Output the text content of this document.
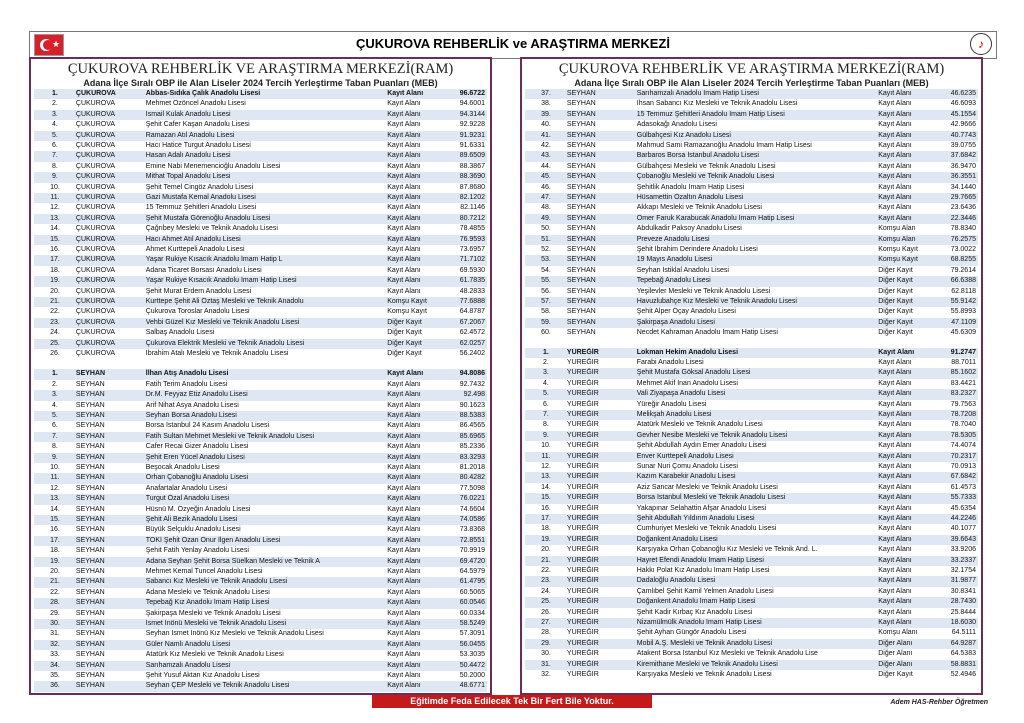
★	ÇUKUROVA REHBERLİK ve ARAŞTIRMA MERKEZİ	♪
ÇUKUROVA REHBERLİK VE ARAŞTIRMA MERKEZİ(RAM)
Adana İlçe Sıralı OBP ile Alan Liseler 2024 Tercih Yerleştirme Taban Puanları (MEB)
1.	ÇUKUROVA	Abbas-Sıdıka Çalık Anadolu Lisesi	Kayıt Alanı	96.6722
2.	ÇUKUROVA	Mehmet Özöncel Anadolu Lisesi	Kayıt Alanı	94.6001
3.	ÇUKUROVA	İsmail Kulak Anadolu Lisesi	Kayıt Alanı	94.3144
4.	ÇUKUROVA	Şehit Cafer Kaşan Anadolu Lisesi	Kayıt Alanı	92.9228
5.	ÇUKUROVA	Ramazan Atıl Anadolu Lisesi	Kayıt Alanı	91.9231
6.	ÇUKUROVA	Hacı Hatice Turgut Anadolu Lisesi	Kayıt Alanı	91.6331
7.	ÇUKUROVA	Hasan Adalı Anadolu Lisesi	Kayıt Alanı	89.6509
8.	ÇUKUROVA	Emine Nabi Menemencioğlu Anadolu Lisesi	Kayıt Alanı	88.3867
9.	ÇUKUROVA	Mithat Topal Anadolu Lisesi	Kayıt Alanı	88.3690
10.	ÇUKUROVA	Şehit Temel Cingöz Anadolu Lisesi	Kayıt Alanı	87.8680
11.	ÇUKUROVA	Gazi Mustafa Kemal Anadolu Lisesi	Kayıt Alanı	82.1202
12.	ÇUKUROVA	15 Temmuz Şehitleri Anadolu Lisesi	Kayıt Alanı	82.1146
13.	ÇUKUROVA	Şehit Mustafa Görenoğlu Anadolu Lisesi	Kayıt Alanı	80.7212
14.	ÇUKUROVA	Çağrıbey Mesleki ve Teknik Anadolu Lisesi	Kayıt Alanı	78.4855
15.	ÇUKUROVA	Hacı Ahmet Atıl Anadolu Lisesi	Kayıt Alanı	76.9593
16.	ÇUKUROVA	Ahmet Kurttepeli Anadolu Lisesi	Kayıt Alanı	73.6957
17.	ÇUKUROVA	Yaşar Rukiye Kısacık Anadolu İmam Hatip L	Kayıt Alanı	71.7102
18.	ÇUKUROVA	Adana Ticaret Borsası Anadolu Lisesi	Kayıt Alanı	69.5930
19.	ÇUKUROVA	Yaşar Rukiye Kısacık Anadolu İmam Hatip Lisesi	Kayıt Alanı	61.7835
20.	ÇUKUROVA	Şehit Murat Erdem Anadolu Lisesi	Kayıt Alanı	48.2833
21.	ÇUKUROVA	Kurttepe Şehit Ali Öztaş Mesleki ve Teknik Anadolu	Komşu Kayıt	77.6888
22.	ÇUKUROVA	Çukurova Toroslar Anadolu Lisesi	Komşu Kayıt	64.8787
23.	ÇUKUROVA	Vehbi Güzel Kız Mesleki ve Teknik Anadolu Lisesi	Diğer Kayıt	67.2067
24.	ÇUKUROVA	Salbaş Anadolu Lisesi	Diğer Kayıt	62.4572
25.	ÇUKUROVA	Çukurova Elektrik Mesleki ve Teknik Anadolu Lisesi	Diğer Kayıt	62.0257
26.	ÇUKUROVA	İbrahim Atalı Mesleki ve Teknik Anadolu Lisesi	Diğer Kayıt	56.2402
1.	SEYHAN	İlhan Atış Anadolu Lisesi	Kayıt Alanı	94.8086
2.	SEYHAN	Fatih Terim Anadolu Lisesi	Kayıt Alanı	92.7432
3.	SEYHAN	Dr.M. Feyyaz Etiz Anadolu Lisesi	Kayıt Alanı	92.498
4.	SEYHAN	Arif Nihat Asya Anadolu Lisesi	Kayıt Alanı	90.1623
5.	SEYHAN	Seyhan Borsa Anadolu Lisesi	Kayıt Alanı	88.5383
6.	SEYHAN	Borsa İstanbul 24 Kasım Anadolu Lisesi	Kayıt Alanı	86.4565
7.	SEYHAN	Fatih Sultan Mehmet Mesleki ve Teknik Anadolu Lisesi	Kayıt Alanı	85.6965
8.	SEYHAN	Cafer Recai Gizer Anadolu Lisesi	Kayıt Alanı	85.2336
9.	SEYHAN	Şehit Eren Yücel Anadolu Lisesi	Kayıt Alanı	83.3293
10.	SEYHAN	Beşocak Anadolu Lisesi	Kayıt Alanı	81.2018
11.	SEYHAN	Orhan Çobanoğlu Anadolu Lisesi	Kayıt Alanı	80.4282
12.	SEYHAN	Anafartalar Anadolu Lisesi	Kayıt Alanı	77.5098
13.	SEYHAN	Turgut Özal Anadolu Lisesi	Kayıt Alanı	76.0221
14.	SEYHAN	Hüsnü M. Özyeğin Anadolu Lisesi	Kayıt Alanı	74.6604
15.	SEYHAN	Şehit Ali Bezik Anadolu Lisesi	Kayıt Alanı	74.0586
16.	SEYHAN	Büyük Selçuklu Anadolu Lisesi	Kayıt Alanı	73.8368
17.	SEYHAN	TOKİ Şehit Ozan Onur İlgen Anadolu Lisesi	Kayıt Alanı	72.8551
18.	SEYHAN	Şehit Fatih Yenlay Anadolu Lisesi	Kayıt Alanı	70.9919
19.	SEYHAN	Adana Seyhan Şehit Borsa Süelkan Mesleki ve Teknik A	Kayıt Alanı	69.4720
20.	SEYHAN	Mehmet Kemal Tuncel Anadolu Lisesi	Kayıt Alanı	64.5979
21.	SEYHAN	Sabancı Kız Mesleki ve Teknik Anadolu Lisesi	Kayıt Alanı	61.4795
22.	SEYHAN	Adana Mesleki ve Teknik Anadolu Lisesi	Kayıt Alanı	60.5065
28.	SEYHAN	Tepebağ Kız Anadolu İmam Hatip Lisesi	Kayıt Alanı	60.0546
29.	SEYHAN	Şakirpaşa Mesleki ve Teknik Anadolu Lisesi	Kayıt Alanı	60.0334
30.	SEYHAN	İsmet İnönü Mesleki ve Teknik Anadolu Lisesi	Kayıt Alanı	58.5249
31.	SEYHAN	Seyhan İsmet İnönü Kız Mesleki ve Teknik Anadolu Lisesi	Kayıt Alanı	57.3091
32.	SEYHAN	Güler Namlı Anadolu Lisesi	Kayıt Alanı	56.0455
33.	SEYHAN	Atatürk Kız Mesleki ve Teknik Anadolu Lisesi	Kayıt Alanı	53.3035
34.	SEYHAN	Sarıhamzalı Anadolu Lisesi	Kayıt Alanı	50.4472
35.	SEYHAN	Şehit Yusuf Aktan Kız Anadolu Lisesi	Kayıt Alanı	50.2000
36.	SEYHAN	Seyhan ÇEP Mesleki ve Teknik Anadolu Lisesi	Kayıt Alanı	48.6771
ÇUKUROVA REHBERLİK VE ARAŞTIRMA MERKEZİ(RAM)
Adana İlçe Sıralı OBP ile Alan Liseler 2024 Tercih Yerleştirme Taban Puanları (MEB)
37.	SEYHAN	Sarıhamzalı Anadolu İmam Hatip Lisesi	Kayıt Alanı	46.6235
38.	SEYHAN	İhsan Sabancı Kız Mesleki ve Teknik Anadolu Lisesi	Kayıt Alanı	46.6093
39.	SEYHAN	15 Temmuz Şehitleri Anadolu İmam Hatip Lisesi	Kayıt Alanı	45.1554
40.	SEYHAN	Adasokağı Anadolu Lisesi	Kayıt Alanı	42.9666
41.	SEYHAN	Gülbahçesi Kız Anadolu Lisesi	Kayıt Alanı	40.7743
42.	SEYHAN	Mahmud Sami Ramazanoğlu Anadolu İmam Hatip Lisesi	Kayıt Alanı	39.0755
43.	SEYHAN	Barbaros Borsa İstanbul Anadolu Lisesi	Kayıt Alanı	37.6842
44.	SEYHAN	Gülbahçesi Mesleki ve Teknik Anadolu Lisesi	Kayıt Alanı	36.9470
45.	SEYHAN	Çobanoğlu Mesleki ve Teknik Anadolu Lisesi	Kayıt Alanı	36.3551
46.	SEYHAN	Şehitlik Anadolu İmam Hatip Lisesi	Kayıt Alanı	34.1440
47.	SEYHAN	Hüsamettin Özaltın Anadolu Lisesi	Kayıt Alanı	29.7665
48.	SEYHAN	Akkapı Mesleki ve Teknik Anadolu Lisesi	Kayıt Alanı	23.6436
49.	SEYHAN	Ömer Faruk Karabucak Anadolu İmam Hatip Lisesi	Kayıt Alanı	22.3446
50.	SEYHAN	Abdulkadir Paksoy Anadolu Lisesi	Komşu Alan	78.8340
51.	SEYHAN	Preveze Anadolu Lisesi	Komşu Alan	76.2575
52.	SEYHAN	Şehit İbrahim Derindere Anadolu Lisesi	Komşu Kayıt	73.0022
53.	SEYHAN	19 Mayıs Anadolu Lisesi	Komşu Kayıt	68.8255
54.	SEYHAN	Seyhan İstiklal Anadolu Lisesi	Diğer Kayıt	79.2614
55.	SEYHAN	Tepebağ Anadolu Lisesi	Diğer Kayıt	66.6388
56.	SEYHAN	Yeşilevler Mesleki ve Teknik Anadolu Lisesi	Diğer Kayıt	62.8118
57.	SEYHAN	Havuzlubahçe Kız Mesleki ve Teknik Anadolu Lisesi	Diğer Kayıt	55.9142
58.	SEYHAN	Şehit Alper Öçay Anadolu Lisesi	Diğer Kayıt	55.8993
59.	SEYHAN	Şakirpaşa Anadolu Lisesi	Diğer Kayıt	47.1109
60.	SEYHAN	Necdet Kahraman Anadolu İmam Hatip Lisesi	Diğer Kayıt	45.6309
1.	YÜREĞİR	Lokman Hekim Anadolu Lisesi	Kayıt Alanı	91.2747
2.	YÜREĞİR	Farabi Anadolu Lisesi	Kayıt Alanı	88.7011
3.	YÜREĞİR	Şehit Mustafa Göksal Anadolu Lisesi	Kayıt Alanı	85.1602
4.	YÜREĞİR	Mehmet Akif İnan Anadolu Lisesi	Kayıt Alanı	83.4421
5.	YÜREĞİR	Vali Ziyapaşa Anadolu Lisesi	Kayıt Alanı	83.2327
6.	YÜREĞİR	Yüreğir Anadolu Lisesi	Kayıt Alanı	79.7563
7.	YÜREĞİR	Melikşah Anadolu Lisesi	Kayıt Alanı	78.7208
8.	YÜREĞİR	Atatürk Mesleki ve Teknik Anadolu Lisesi	Kayıt Alanı	78.7040
9.	YÜREĞİR	Gevher Nesibe Mesleki ve Teknik Anadolu Lisesi	Kayıt Alanı	78.5305
10.	YÜREĞİR	Şehit Abdullah Aydın Emer Anadolu Lisesi	Kayıt Alanı	74.4074
11.	YÜREĞİR	Enver Kurttepeli Anadolu Lisesi	Kayıt Alanı	70.2317
12.	YÜREĞİR	Sunar Nuri Çomu Anadolu Lisesi	Kayıt Alanı	70.0913
13.	YÜREĞİR	Kazım Karabekir Anadolu Lisesi	Kayıt Alanı	67.6842
14.	YÜREĞİR	Aziz Sancar Mesleki ve Teknik Anadolu Lisesi	Kayıt Alanı	61.4573
15.	YÜREĞİR	Borsa İstanbul Mesleki ve Teknik Anadolu Lisesi	Kayıt Alanı	55.7333
16.	YÜREĞİR	Yakapınar Selahattin Afşar Anadolu Lisesi	Kayıt Alanı	45.6354
17.	YÜREĞİR	Şehit Abdullah Yıldırım Anadolu Lisesi	Kayıt Alanı	44.2246
18.	YÜREĞİR	Cumhuriyet Mesleki ve Teknik Anadolu Lisesi	Kayıt Alanı	40.1077
19.	YÜREĞİR	Doğankent Anadolu Lisesi	Kayıt Alanı	39.6643
20.	YÜREĞİR	Karşıyaka Orhan Çobanoğlu Kız Mesleki ve Teknik And. L.	Kayıt Alanı	33.9206
21.	YÜREĞİR	Hayret Efendi Anadolu İmam Hatip Lisesi	Kayıt Alanı	33.2337
22.	YÜREĞİR	Hakkı Polat Kız Anadolu İmam Hatip Lisesi	Kayıt Alanı	32.1754
23.	YÜREĞİR	Dadaloğlu Anadolu Lisesi	Kayıt Alanı	31.9877
24.	YÜREĞİR	Çamlıbel Şehit Kamil Yelmen Anadolu Lisesi	Kayıt Alanı	30.8341
25.	YÜREĞİR	Doğankent Anadolu İmam Hatip Lisesi	Kayıt Alanı	28.7430
26.	YÜREĞİR	Şehit Kadir Kırbaç Kız Anadolu Lisesi	Kayıt Alanı	25.8444
27.	YÜREĞİR	Nizamülmülk Anadolu İmam Hatip Lisesi	Kayıt Alanı	18.6030
28.	YÜREĞİR	Şehit Ayhan Güngör Anadolu Lisesi	Komşu Alanı	64.5111
29.	YÜREĞİR	Mobil A.Ş. Mesleki ve Teknik Anadolu Lisesi	Diğer Alanı	64.9287
30.	YÜREĞİR	Atakent Borsa İstanbul Kız Mesleki ve Teknik Anadolu Lise	Diğer Alanı	64.5383
31.	YÜREĞİR	Kiremithane Mesleki ve Teknik Anadolu Lisesi	Diğer Alanı	58.8831
32.	YÜREĞİR	Karşıyaka Mesleki ve Teknik Anadolu Lisesi	Diğer Kayıt	52.4946
Eğitimde Feda Edilecek Tek Bir Fert Bile Yoktur.	Adem HAS-Rehber Öğretmen
